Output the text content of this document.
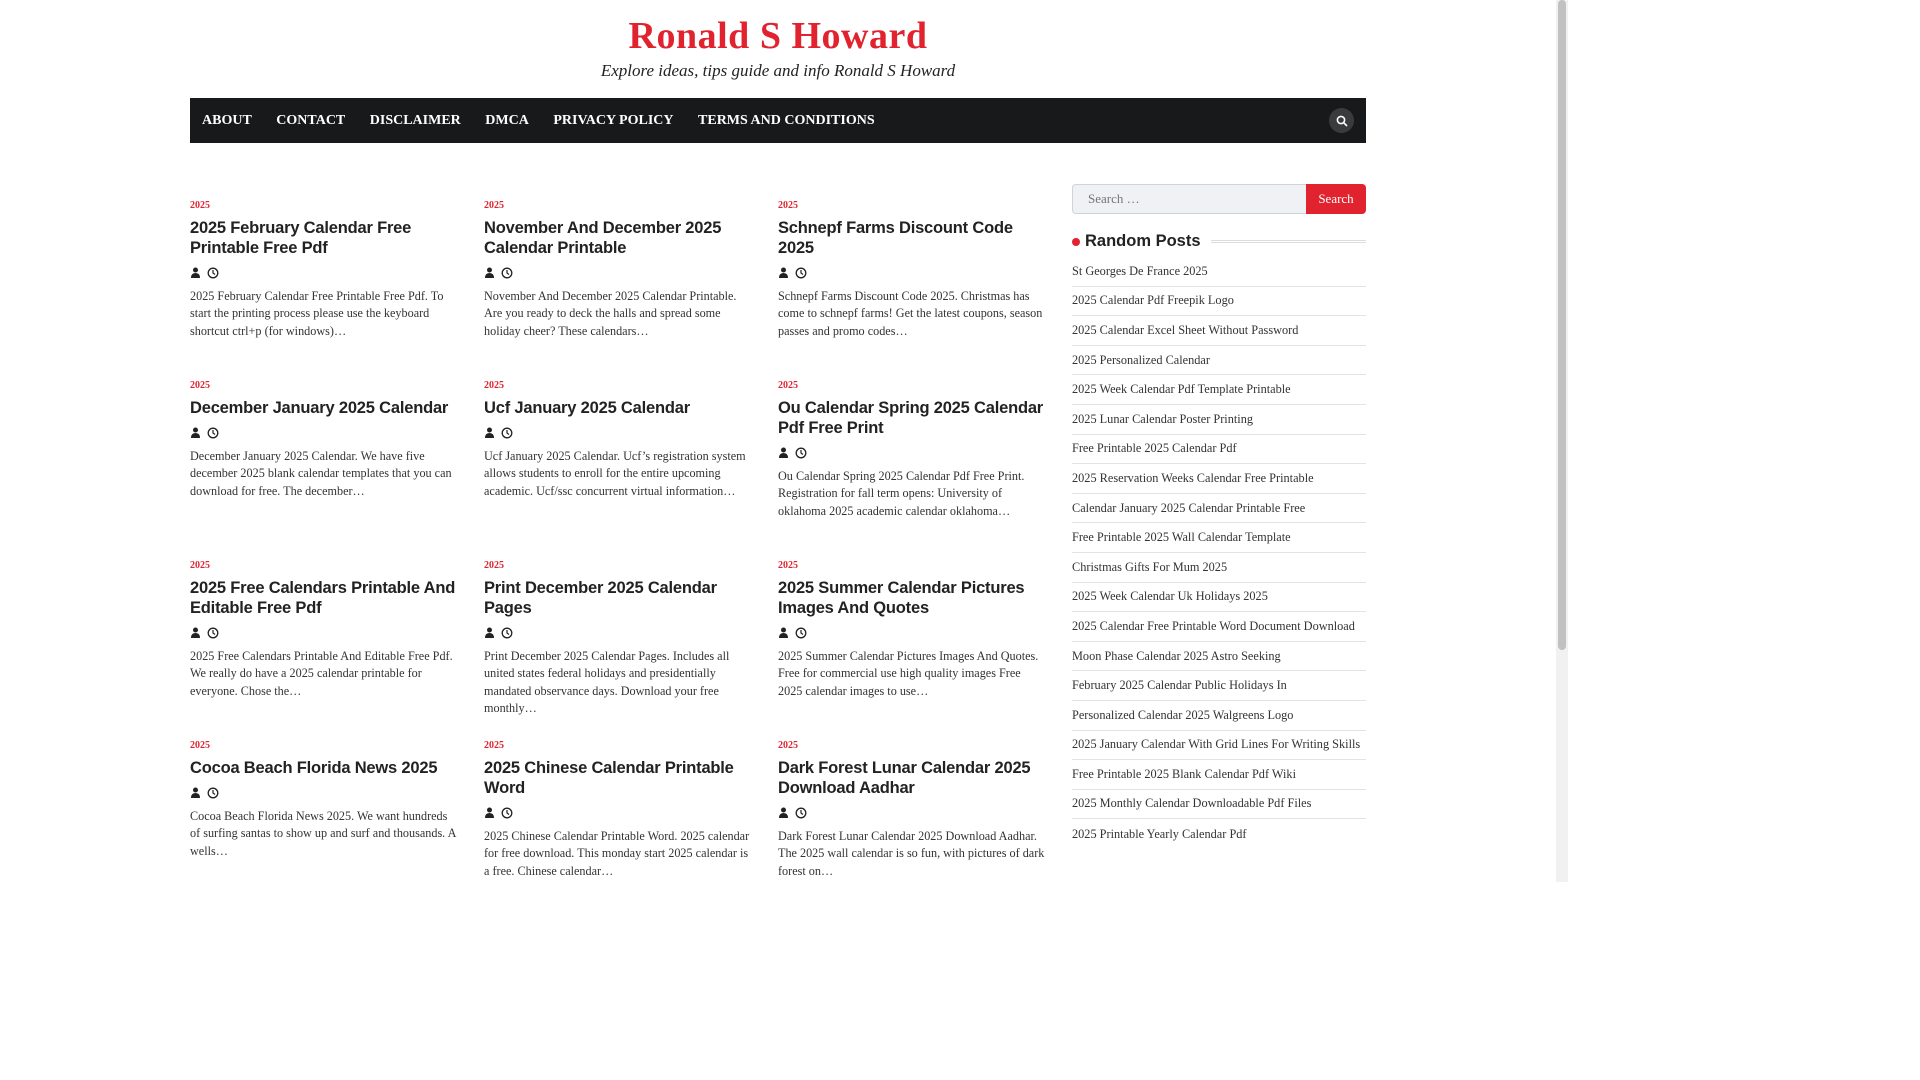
Ronald S Howard
Explore ideas, tips guide and info Ronald S Howard
ABOUT CONTACT DISCLAIMER DMCA PRIVACY POLICY TERMS AND CONDITIONS
2025
2025 February Calendar Free Printable Free Pdf

2025 February Calendar Free Printable Free Pdf. To start the printing process please use the keyboard shortcut ctrl+p (for windows)…

2025
November And December 2025 Calendar Printable

November And December 2025 Calendar Printable. Are you ready to deck the halls and spread some holiday cheer? These calendars…

2025
Schnepf Farms Discount Code 2025

Schnepf Farms Discount Code 2025. Christmas has come to schnepf farms! Get the latest coupons, season passes and promo codes…

2025
December January 2025 Calendar

December January 2025 Calendar. We have five december 2025 blank calendar templates that you can download for free. The december…

2025
Ucf January 2025 Calendar

Ucf January 2025 Calendar. Ucf’s registration system allows students to enroll for the entire upcoming academic. Ucf/ssc concurrent virtual information…

2025
Ou Calendar Spring 2025 Calendar Pdf Free Print

Ou Calendar Spring 2025 Calendar Pdf Free Print. Registration for fall term opens: University of oklahoma 2025 academic calendar oklahoma…

2025
2025 Free Calendars Printable And Editable Free Pdf

2025 Free Calendars Printable And Editable Free Pdf. We really do have a 2025 calendar printable for everyone. Chose the…

2025
Print December 2025 Calendar Pages

Print December 2025 Calendar Pages. Includes all united states federal holidays and presidentially mandated observance days. Download your free monthly…

2025
2025 Summer Calendar Pictures Images And Quotes

2025 Summer Calendar Pictures Images And Quotes. Free for commercial use high quality images Free 2025 calendar images to use…

2025
Cocoa Beach Florida News 2025

Cocoa Beach Florida News 2025. We want hundreds of surfing santas to show up and surf and thousands. A wells…

2025
2025 Chinese Calendar Printable Word

2025 Chinese Calendar Printable Word. 2025 calendar for free download. This monday start 2025 calendar is a free. Chinese calendar…

2025
Dark Forest Lunar Calendar 2025 Download Aadhar

Dark Forest Lunar Calendar 2025 Download Aadhar. The 2025 wall calendar is so fun, with pictures of dark forest on…

Search …
Search
Random Posts
St Georges De France 2025
2025 Calendar Pdf Freepik Logo
2025 Calendar Excel Sheet Without Password
2025 Personalized Calendar
2025 Week Calendar Pdf Template Printable
2025 Lunar Calendar Poster Printing
Free Printable 2025 Calendar Pdf
2025 Reservation Weeks Calendar Free Printable
Calendar January 2025 Calendar Printable Free
Free Printable 2025 Wall Calendar Template
Christmas Gifts For Mum 2025
2025 Week Calendar Uk Holidays 2025
2025 Calendar Free Printable Word Document Download
Moon Phase Calendar 2025 Astro Seeking
February 2025 Calendar Public Holidays In
Personalized Calendar 2025 Walgreens Logo
2025 January Calendar With Grid Lines For Writing Skills
Free Printable 2025 Blank Calendar Pdf Wiki
2025 Monthly Calendar Downloadable Pdf Files
2025 Printable Yearly Calendar Pdf
